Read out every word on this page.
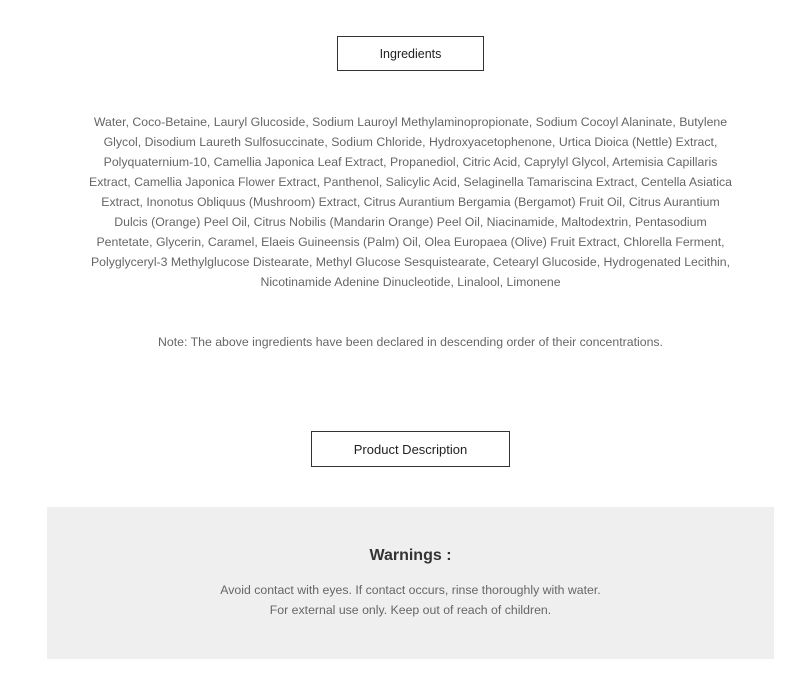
Ingredients

Water, Coco-Betaine, Lauryl Glucoside, Sodium Lauroyl Methylaminopropionate, Sodium Cocoyl Alaninate, Butylene Glycol, Disodium Laureth Sulfosuccinate, Sodium Chloride, Hydroxyacetophenone, Urtica Dioica (Nettle) Extract, Polyquaternium-10, Camellia Japonica Leaf Extract, Propanediol, Citric Acid, Caprylyl Glycol, Artemisia Capillaris Extract, Camellia Japonica Flower Extract, Panthenol, Salicylic Acid, Selaginella Tamariscina Extract, Centella Asiatica Extract, Inonotus Obliquus (Mushroom) Extract, Citrus Aurantium Bergamia (Bergamot) Fruit Oil, Citrus Aurantium Dulcis (Orange) Peel Oil, Citrus Nobilis (Mandarin Orange) Peel Oil, Niacinamide, Maltodextrin, Pentasodium Pentetate, Glycerin, Caramel, Elaeis Guineensis (Palm) Oil, Olea Europaea (Olive) Fruit Extract, Chlorella Ferment, Polyglyceryl-3 Methylglucose Distearate, Methyl Glucose Sesquistearate, Cetearyl Glucoside, Hydrogenated Lecithin, Nicotinamide Adenine Dinucleotide, Linalool, Limonene

Note: The above ingredients have been declared in descending order of their concentrations.

Product Description
Warnings :

Avoid contact with eyes. If contact occurs, rinse thoroughly with water.

For external use only. Keep out of reach of children.
